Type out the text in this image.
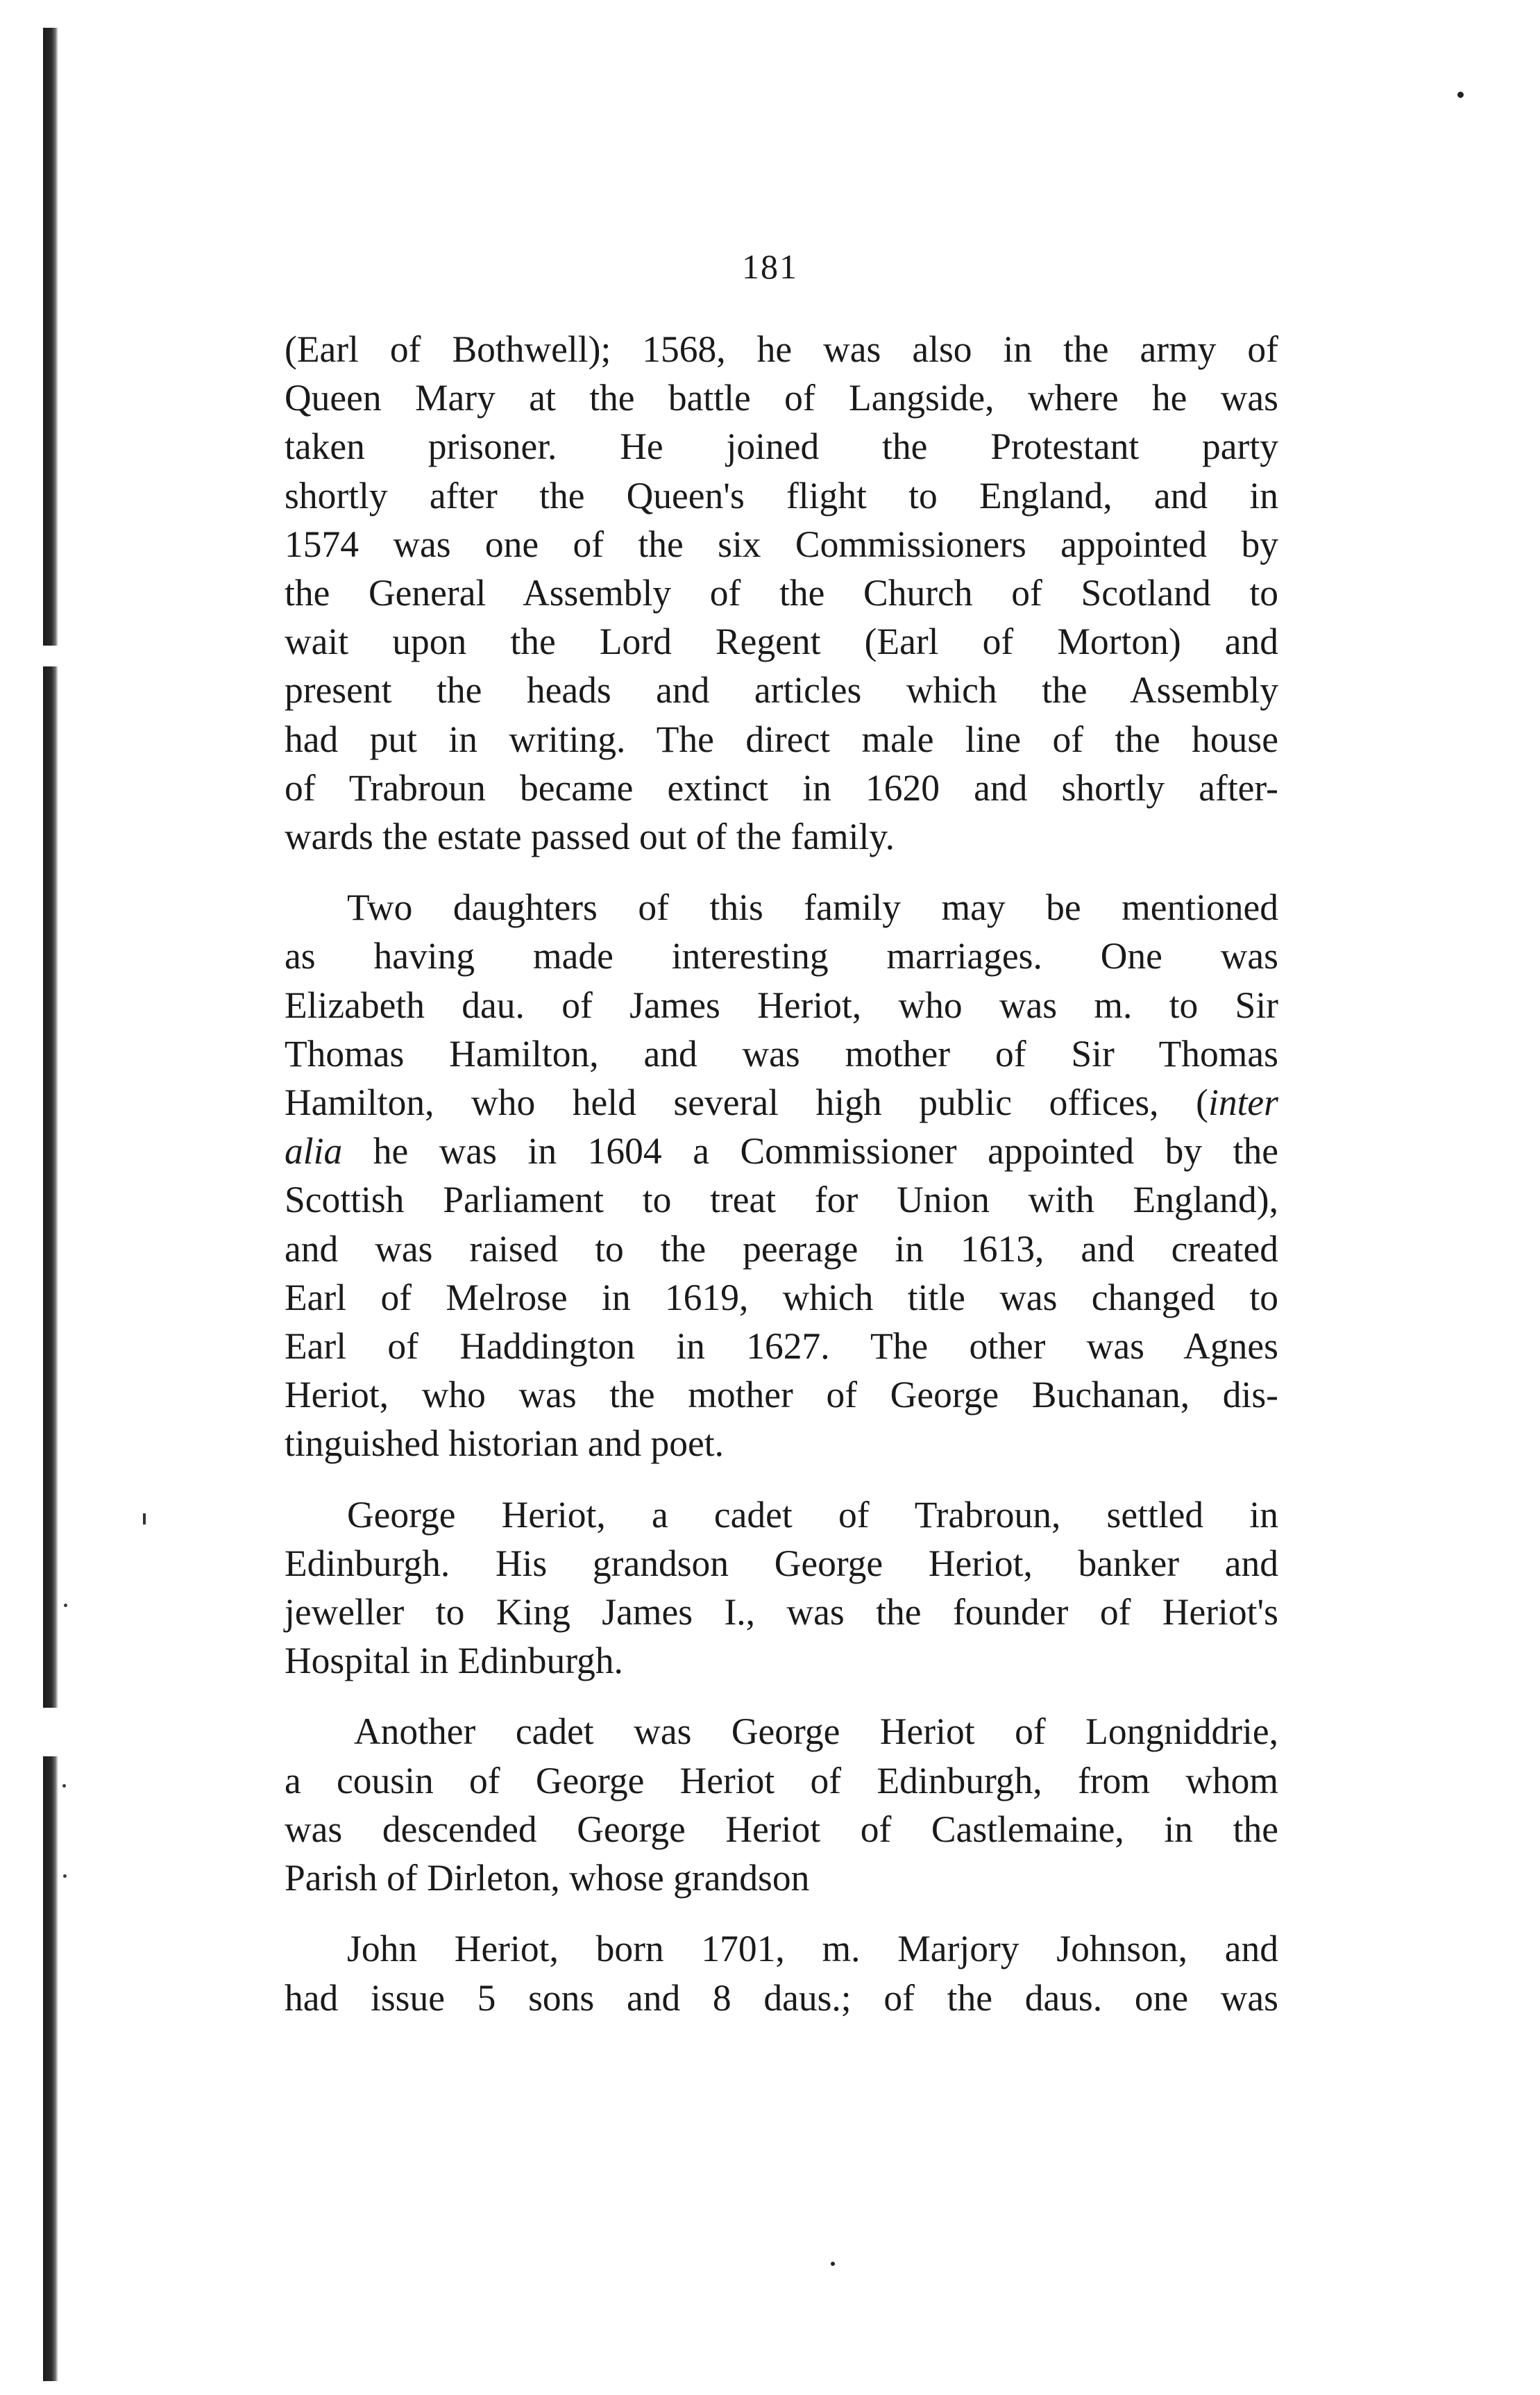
181

(Earl of Bothwell); 1568, he was also in the army of
Queen Mary at the battle of Langside, where he was
taken prisoner. He joined the Protestant party
shortly after the Queen's flight to England, and in
1574 was one of the six Commissioners appointed by
the General Assembly of the Church of Scotland to
wait upon the Lord Regent (Earl of Morton) and
present the heads and articles which the Assembly
had put in writing. The direct male line of the house
of Trabroun became extinct in 1620 and shortly after-
wards the estate passed out of the family.

Two daughters of this family may be mentioned
as having made interesting marriages. One was
Elizabeth dau. of James Heriot, who was m. to Sir
Thomas Hamilton, and was mother of Sir Thomas
Hamilton, who held several high public offices, (inter
alia he was in 1604 a Commissioner appointed by the
Scottish Parliament to treat for Union with England),
and was raised to the peerage in 1613, and created
Earl of Melrose in 1619, which title was changed to
Earl of Haddington in 1627. The other was Agnes
Heriot, who was the mother of George Buchanan, dis-
tinguished historian and poet.

George Heriot, a cadet of Trabroun, settled in
Edinburgh. His grandson George Heriot, banker and
jeweller to King James I., was the founder of Heriot's
Hospital in Edinburgh.

Another cadet was George Heriot of Longniddrie,
a cousin of George Heriot of Edinburgh, from whom
was descended George Heriot of Castlemaine, in the
Parish of Dirleton, whose grandson

John Heriot, born 1701, m. Marjory Johnson, and
had issue 5 sons and 8 daus.; of the daus. one was
